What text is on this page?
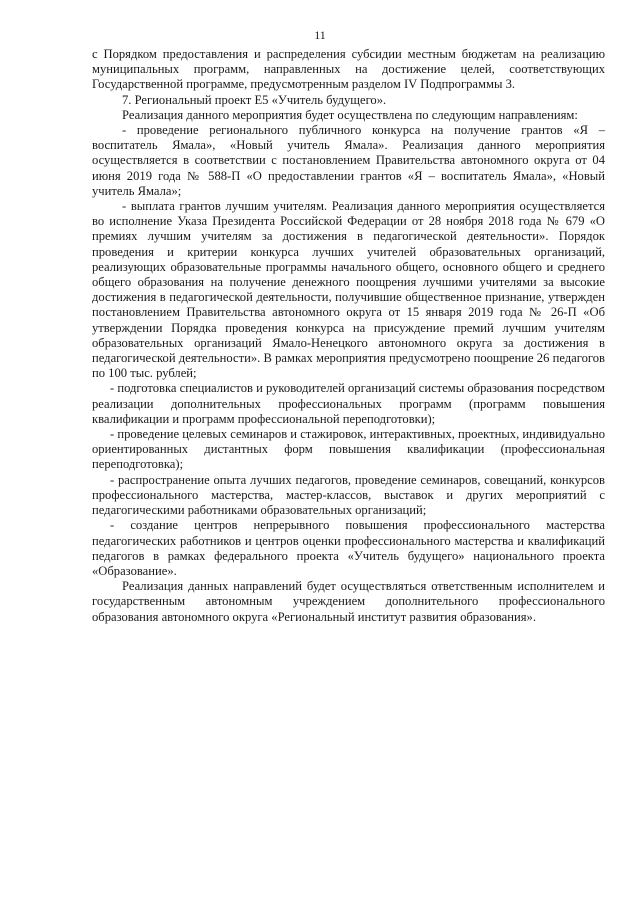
11

с Порядком предоставления и распределения субсидии местным бюджетам на реализацию муниципальных программ, направленных на достижение целей, соответствующих Государственной программе, предусмотренным разделом IV Подпрограммы 3.

7. Региональный проект Е5 «Учитель будущего».

Реализация данного мероприятия будет осуществлена по следующим направлениям:

- проведение регионального публичного конкурса на получение грантов «Я – воспитатель Ямала», «Новый учитель Ямала». Реализация данного мероприятия осуществляется в соответствии с постановлением Правительства автономного округа от 04 июня 2019 года № 588-П «О предоставлении грантов «Я – воспитатель Ямала», «Новый учитель Ямала»;

- выплата грантов лучшим учителям. Реализация данного мероприятия осуществляется во исполнение Указа Президента Российской Федерации от 28 ноября 2018 года № 679 «О премиях лучшим учителям за достижения в педагогической деятельности». Порядок проведения и критерии конкурса лучших учителей образовательных организаций, реализующих образовательные программы начального общего, основного общего и среднего общего образования на получение денежного поощрения лучшими учителями за высокие достижения в педагогической деятельности, получившие общественное признание, утвержден постановлением Правительства автономного округа от 15 января 2019 года № 26-П «Об утверждении Порядка проведения конкурса на присуждение премий лучшим учителям образовательных организаций Ямало-Ненецкого автономного округа за достижения в педагогической деятельности». В рамках мероприятия предусмотрено поощрение 26 педагогов по 100 тыс. рублей;

- подготовка специалистов и руководителей организаций системы образования посредством реализации дополнительных профессиональных программ (программ повышения квалификации и программ профессиональной переподготовки);

- проведение целевых семинаров и стажировок, интерактивных, проектных, индивидуально ориентированных дистантных форм повышения квалификации (профессиональная переподготовка);

- распространение опыта лучших педагогов, проведение семинаров, совещаний, конкурсов профессионального мастерства, мастер-классов, выставок и других мероприятий с педагогическими работниками образовательных организаций;

- создание центров непрерывного повышения профессионального мастерства педагогических работников и центров оценки профессионального мастерства и квалификаций педагогов в рамках федерального проекта «Учитель будущего» национального проекта «Образование».

Реализация данных направлений будет осуществляться ответственным исполнителем и государственным автономным учреждением дополнительного профессионального образования автономного округа «Региональный институт развития образования».
